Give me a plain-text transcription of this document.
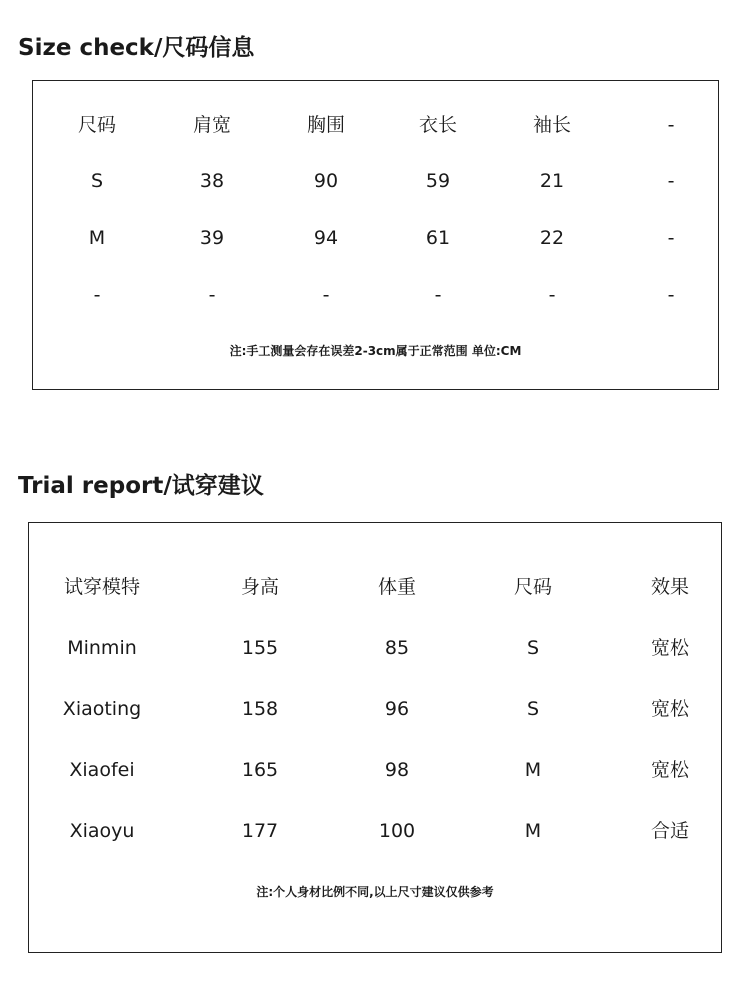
Size check/尺码信息
尺码	肩宽	胸围	衣长	袖长	-
S	38	90	59	21	-
M	39	94	61	22	-
-	-	-	-	-	-
注:手工测量会存在误差2-3cm属于正常范围 单位:CM
Trial report/试穿建议
试穿模特	身高	体重	尺码	效果
Minmin	155	85	S	宽松
Xiaoting	158	96	S	宽松
Xiaofei	165	98	M	宽松
Xiaoyu	177	100	M	合适
注:个人身材比例不同,以上尺寸建议仅供参考
